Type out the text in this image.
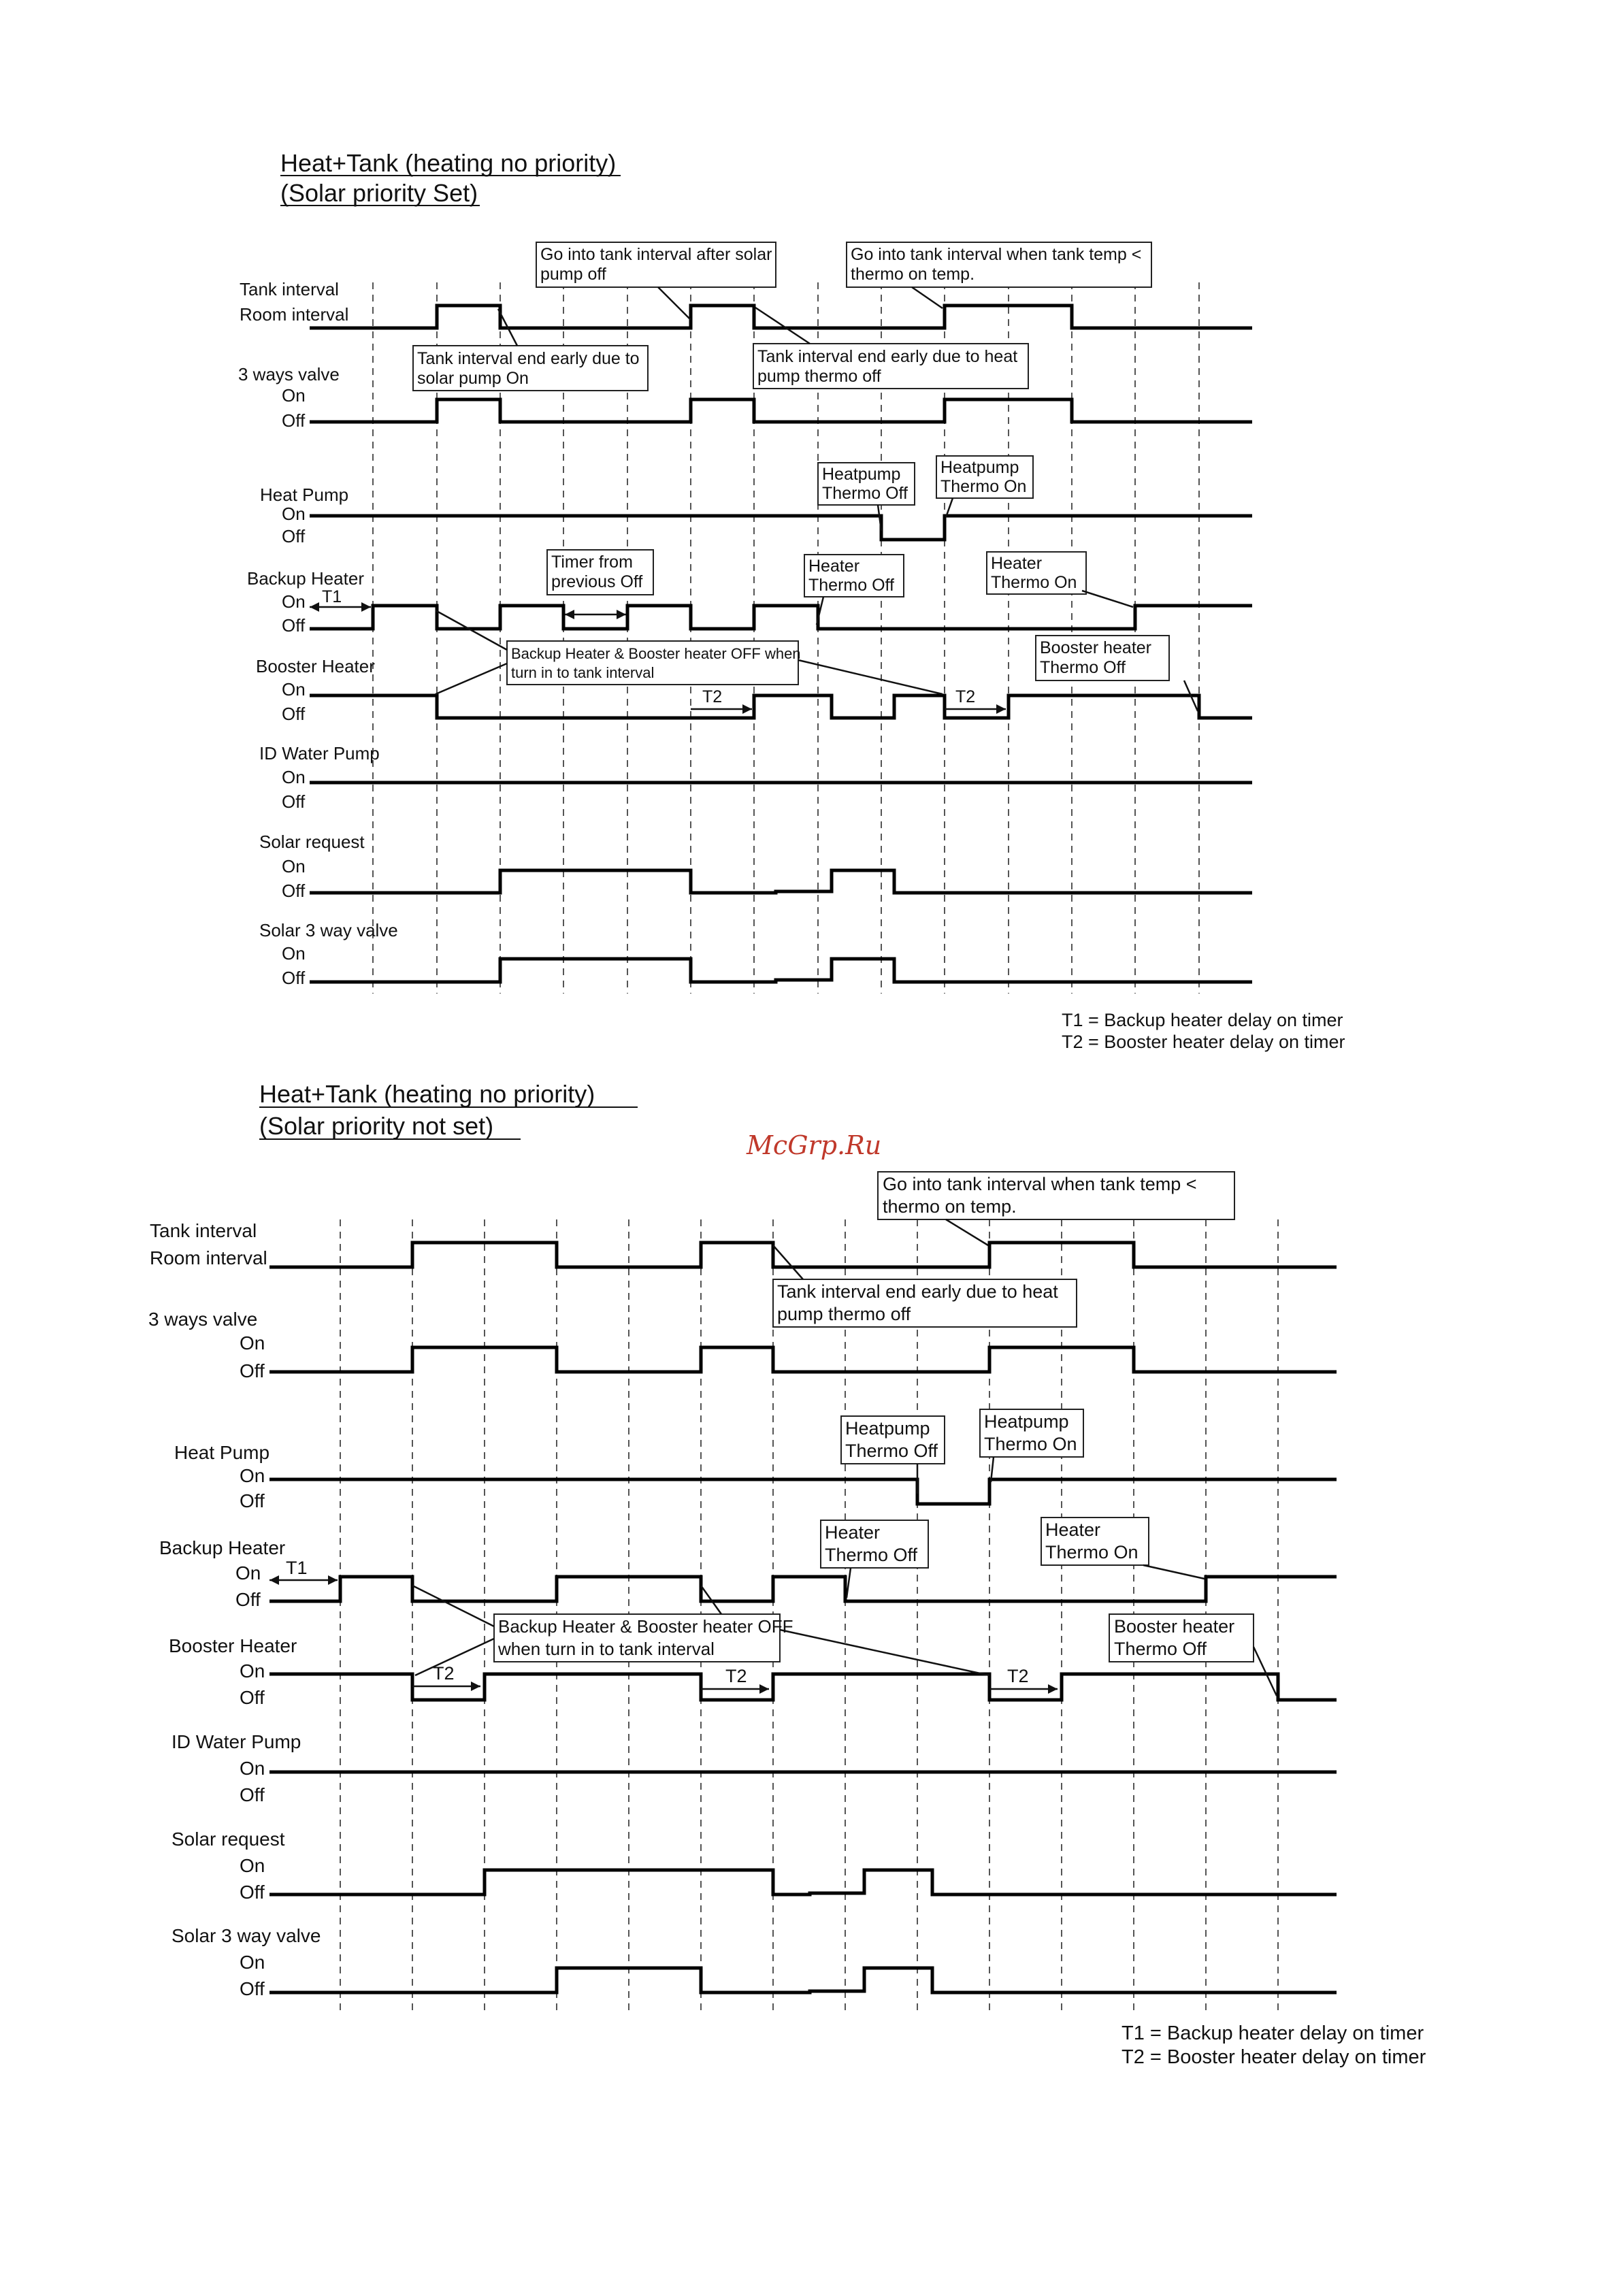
Heat+Tank (heating no priority)
(Solar priority Set)
Tank interval
Room interval
3 ways valve
On
Off
Heat Pump
On
Off
Backup Heater
On
Off
Booster Heater
On
Off
ID Water Pump
On
Off
Solar request
On
Off
Solar 3 way valve
On
Off
Go into tank interval after solar
pump off
Go into tank interval when tank temp <
thermo on temp.
Tank interval end early due to
solar pump On
Tank interval end early due to heat
pump thermo off
Heatpump
Thermo Off
Heatpump
Thermo On
Timer from
previous Off
Heater
Thermo Off
Heater
Thermo On
Backup Heater & Booster heater OFF when
turn in to tank interval
Booster heater
Thermo Off
T1
T2	T2
T1 = Backup heater delay on timer
T2 = Booster heater delay on timer
McGrp.Ru
Heat+Tank (heating no priority)
(Solar priority not set)
Tank interval
Room interval
3 ways valve
On
Off
Heat Pump
On
Off
Backup Heater
On
Off
Booster Heater
On
Off
ID Water Pump
On
Off
Solar request
On
Off
Solar 3 way valve
On
Off
Go into tank interval when tank temp <
thermo on temp.
Tank interval end early due to heat
pump thermo off
Heatpump
Thermo Off
Heatpump
Thermo On
Heater
Thermo Off
Heater
Thermo On
Backup Heater & Booster heater OFF
when turn in to tank interval
Booster heater
Thermo Off
T1
T2	T2	T2
T1 = Backup heater delay on timer
T2 = Booster heater delay on timer
